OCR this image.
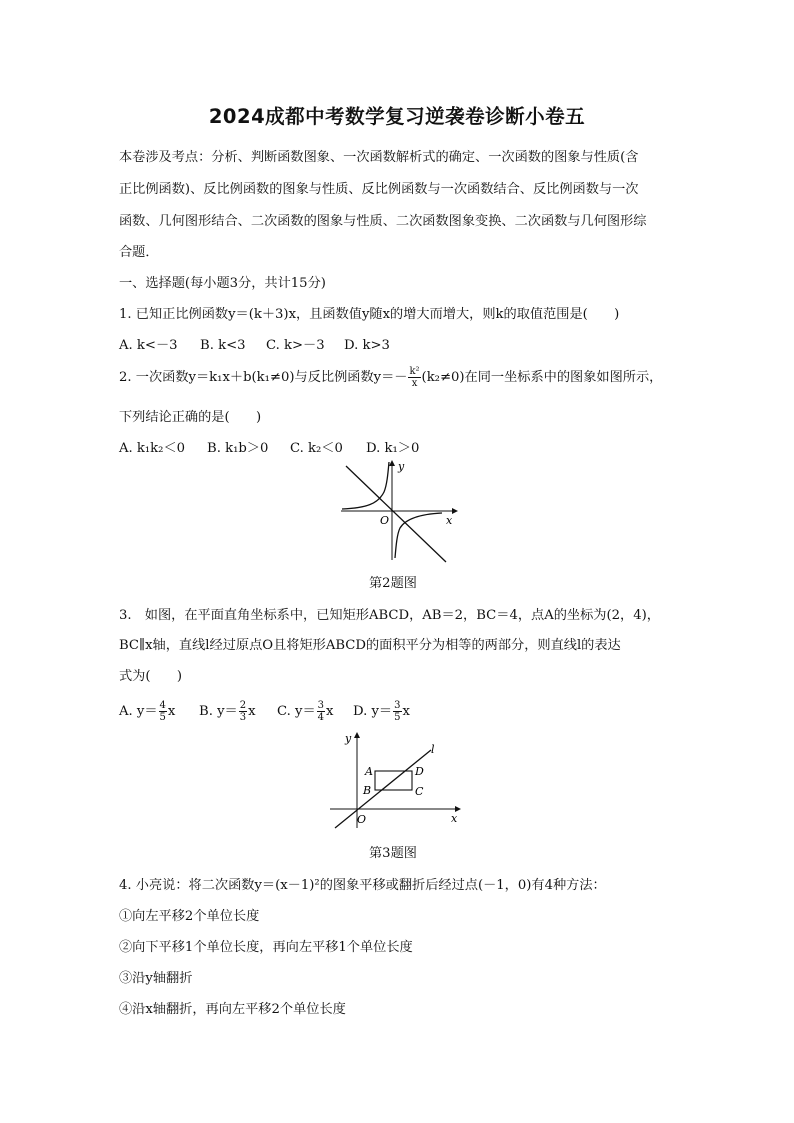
2024成都中考数学复习逆袭卷诊断小卷五
本卷涉及考点：分析、判断函数图象、一次函数解析式的确定、一次函数的图象与性质(含
正比例函数)、反比例函数的图象与性质、反比例函数与一次函数结合、反比例函数与一次
函数、几何图形结合、二次函数的图象与性质、二次函数图象变换、二次函数与几何图形综
合题．
一、选择题(每小题3分，共计15分)
1. 已知正比例函数y＝(k＋3)x，且函数值y随x的增大而增大，则k的取值范围是(　　)
A. k<－3 B. k<3 C. k>－3 D. k>3
2. 一次函数y＝k₁x＋b(k₁≠0)与反比例函数$y=- \frac{\text{k²}}{x} (k_2\ne 0)$在同一坐标系中的图象如图所示，
下列结论正确的是(　　)
A. k₁k₂＜0 B. k₁b＞0 C. k₂＜0 D. k₁＞0
y
x
O
第2题图
3.　如图，在平面直角坐标系中，已知矩形ABCD，AB＝2，BC＝4，点A的坐标为(2，4)，
BC∥x轴，直线l经过原点O且将矩形ABCD的面积平分为相等的两部分，则直线l的表达
式为(　　)
A. $y= \frac{4}{5}$ x B. $y= \frac{2}{3}$ x C. $y= \frac{3}{4}$ x D. $y= \frac{3}{5}$ x
y
x
O
l
A
B	C
D
第3题图
4. 小亮说：将二次函数y＝(x－1)²的图象平移或翻折后经过点(－1，0)有4种方法：
①向左平移2个单位长度
②向下平移1个单位长度，再向左平移1个单位长度
③沿y轴翻折
④沿x轴翻折，再向左平移2个单位长度
